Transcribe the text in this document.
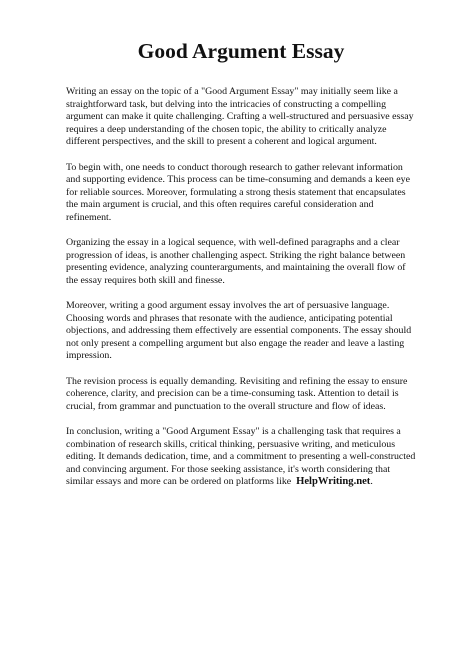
Good Argument Essay

Writing an essay on the topic of a "Good Argument Essay" may initially seem like a straightforward task, but delving into the intricacies of constructing a compelling argument can make it quite challenging. Crafting a well-structured and persuasive essay requires a deep understanding of the chosen topic, the ability to critically analyze different perspectives, and the skill to present a coherent and logical argument.

To begin with, one needs to conduct thorough research to gather relevant information and supporting evidence. This process can be time-consuming and demands a keen eye for reliable sources. Moreover, formulating a strong thesis statement that encapsulates the main argument is crucial, and this often requires careful consideration and refinement.

Organizing the essay in a logical sequence, with well-defined paragraphs and a clear progression of ideas, is another challenging aspect. Striking the right balance between presenting evidence, analyzing counterarguments, and maintaining the overall flow of the essay requires both skill and finesse.

Moreover, writing a good argument essay involves the art of persuasive language. Choosing words and phrases that resonate with the audience, anticipating potential objections, and addressing them effectively are essential components. The essay should not only present a compelling argument but also engage the reader and leave a lasting impression.

The revision process is equally demanding. Revisiting and refining the essay to ensure coherence, clarity, and precision can be a time-consuming task. Attention to detail is crucial, from grammar and punctuation to the overall structure and flow of ideas.

In conclusion, writing a "Good Argument Essay" is a challenging task that requires a combination of research skills, critical thinking, persuasive writing, and meticulous editing. It demands dedication, time, and a commitment to presenting a well-constructed and convincing argument. For those seeking assistance, it's worth considering that similar essays and more can be ordered on platforms like HelpWriting.net.
